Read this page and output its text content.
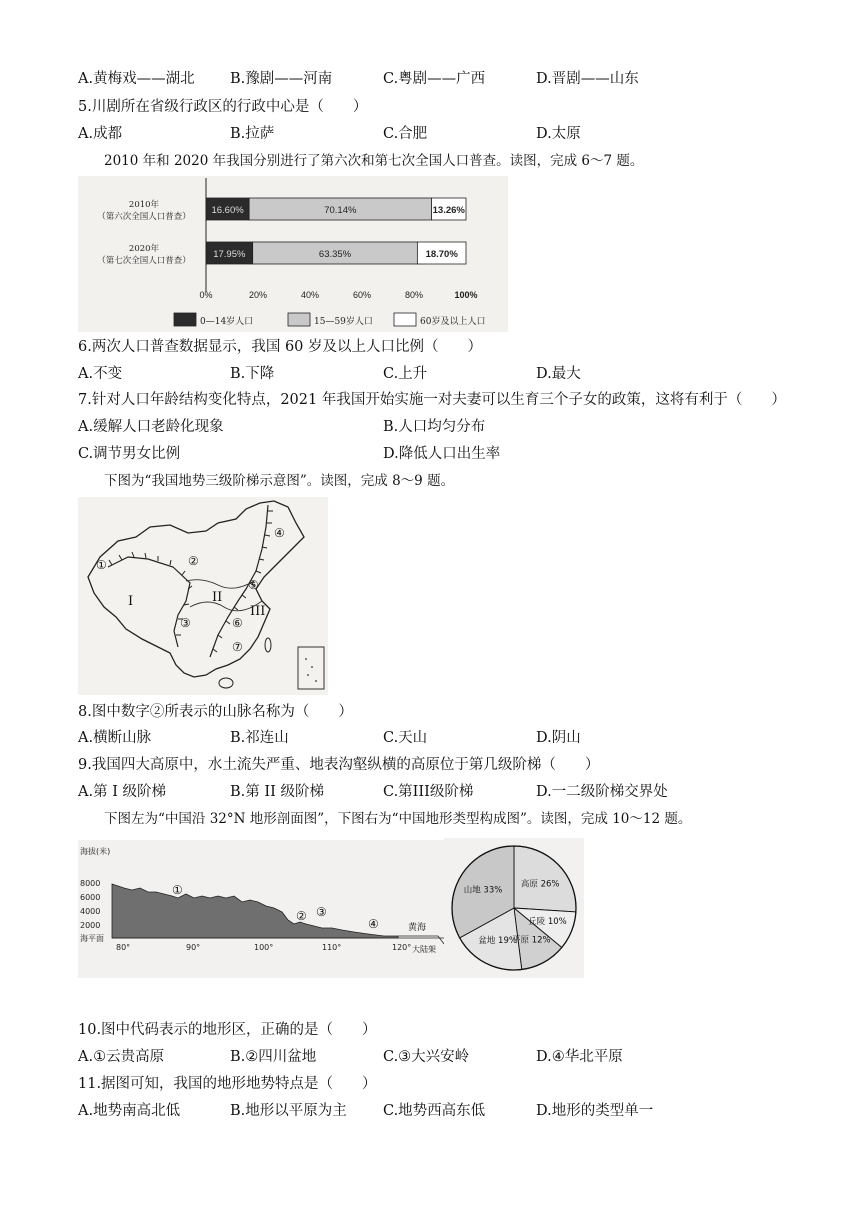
A.黄梅戏——湖北 B.豫剧——河南	C.粤剧——广西	D.晋剧——山东
5.川剧所在省级行政区的行政中心是（　　）
A.成都	B.拉萨	C.合肥	D.太原
2010 年和 2020 年我国分别进行了第六次和第七次全国人口普查。读图，完成 6～7 题。
2010年
（第六次全国人口普查）
2020年
（第七次全国人口普查）
16.60%	70.14%	13.26%
17.95%	63.35%	18.70%
0%	20%	40%	60%	80%	100%
0—14岁人口	15—59岁人口	60岁及以上人口
6.两次人口普查数据显示，我国 60 岁及以上人口比例（　　）
A.不变	B.下降	C.上升	D.最大
7.针对人口年龄结构变化特点，2021 年我国开始实施一对夫妻可以生育三个子女的政策，这将有利于（　　）
A.缓解人口老龄化现象	B.人口均匀分布
C.调节男女比例	D.降低人口出生率
下图为“我国地势三级阶梯示意图”。读图，完成 8～9 题。
①	②
③
④
⑤
⑥
⑦
I	II
III
8.图中数字②所表示的山脉名称为（　　）
A.横断山脉	B.祁连山	C.天山	D.阴山
9.我国四大高原中，水土流失严重、地表沟壑纵横的高原位于第几级阶梯（　　）
A.第 I 级阶梯	B.第 II 级阶梯	C.第III级阶梯	D.一二级阶梯交界处
下图左为“中国沿 32°N 地形剖面图”，下图右为“中国地形类型构成图”。读图，完成 10～12 题。
海拔(米)
8000
6000
4000
2000
海平面
黄海
大陆架
80°	90°	100°	110°	120°
①
② ③
④
高原 26%
丘陵 10%
平原 12%
盆地 19%
山地 33%
10.图中代码表示的地形区，正确的是（　　）
A.①云贵高原	B.②四川盆地	C.③大兴安岭	D.④华北平原
11.据图可知，我国的地形地势特点是（　　）
A.地势南高北低	B.地形以平原为主 C.地势西高东低	D.地形的类型单一
